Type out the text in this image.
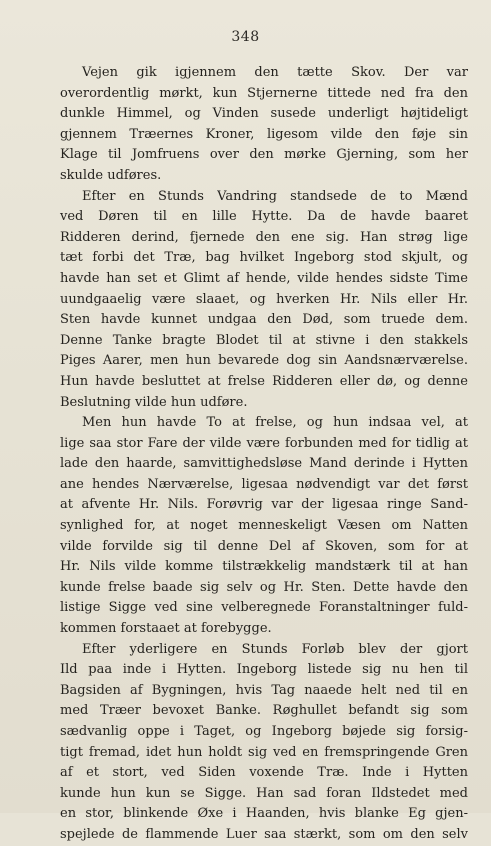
348
Vejen gik igjennem den tætte Skov. Der var
overordentlig mørkt, kun Stjernerne tittede ned fra den
dunkle Himmel, og Vinden susede underligt højtideligt
gjennem Træernes Kroner, ligesom vilde den føje sin
Klage til Jomfruens over den mørke Gjerning, som her
skulde udføres.
Efter en Stunds Vandring standsede de to Mænd
ved Døren til en lille Hytte. Da de havde baaret
Ridderen derind, fjernede den ene sig. Han strøg lige
tæt forbi det Træ, bag hvilket Ingeborg stod skjult, og
havde han set et Glimt af hende, vilde hendes sidste Time
uundgaaelig være slaaet, og hverken Hr. Nils eller Hr.
Sten havde kunnet undgaa den Død, som truede dem.
Denne Tanke bragte Blodet til at stivne i den stakkels
Piges Aarer, men hun bevarede dog sin Aandsnærværelse.
Hun havde besluttet at frelse Ridderen eller dø, og denne
Beslutning vilde hun udføre.
Men hun havde To at frelse, og hun indsaa vel, at
lige saa stor Fare der vilde være forbunden med for tidlig at
lade den haarde, samvittighedsløse Mand derinde i Hytten
ane hendes Nærværelse, ligesaa nødvendigt var det først
at afvente Hr. Nils. Forøvrig var der ligesaa ringe Sand-
synlighed for, at noget menneskeligt Væsen om Natten
vilde forvilde sig til denne Del af Skoven, som for at
Hr. Nils vilde komme tilstrækkelig mandstærk til at han
kunde frelse baade sig selv og Hr. Sten. Dette havde den
listige Sigge ved sine velberegnede Foranstaltninger fuld-
kommen forstaaet at forebygge.
Efter yderligere en Stunds Forløb blev der gjort
Ild paa inde i Hytten. Ingeborg listede sig nu hen til
Bagsiden af Bygningen, hvis Tag naaede helt ned til en
med Træer bevoxet Banke. Røghullet befandt sig som
sædvanlig oppe i Taget, og Ingeborg bøjede sig forsig-
tigt fremad, idet hun holdt sig ved en fremspringende Gren
af et stort, ved Siden voxende Træ. Inde i Hytten
kunde hun kun se Sigge. Han sad foran Ildstedet med
en stor, blinkende Øxe i Haanden, hvis blanke Eg gjen-
spejlede de flammende Luer saa stærkt, som om den selv
